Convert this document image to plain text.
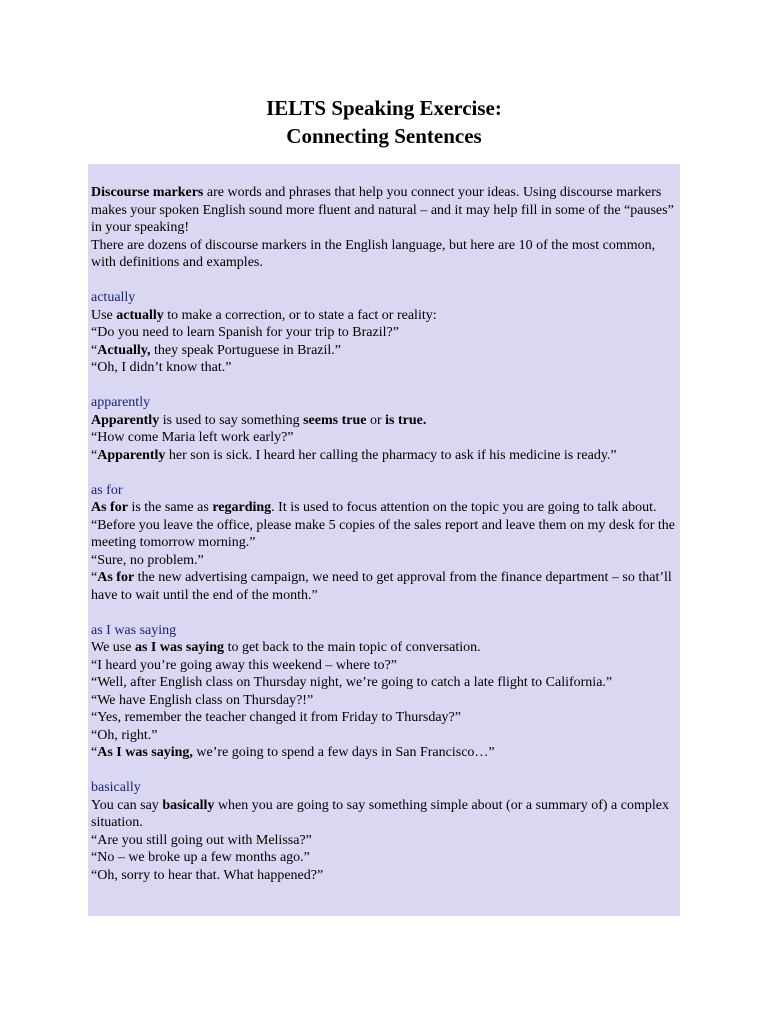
IELTS Speaking Exercise:
Connecting Sentences

Discourse markers are words and phrases that help you connect your ideas. Using discourse markers makes your spoken English sound more fluent and natural – and it may help fill in some of the “pauses” in your speaking!

There are dozens of discourse markers in the English language, but here are 10 of the most common, with definitions and examples.

actually

Use actually to make a correction, or to state a fact or reality:

“Do you need to learn Spanish for your trip to Brazil?”

“Actually, they speak Portuguese in Brazil.”

“Oh, I didn’t know that.”

apparently

Apparently is used to say something seems true or is true.

“How come Maria left work early?”

“Apparently her son is sick. I heard her calling the pharmacy to ask if his medicine is ready.”

as for

As for is the same as regarding. It is used to focus attention on the topic you are going to talk about.

“Before you leave the office, please make 5 copies of the sales report and leave them on my desk for the meeting tomorrow morning.”

“Sure, no problem.”

“As for the new advertising campaign, we need to get approval from the finance department – so that’ll have to wait until the end of the month.”

as I was saying

We use as I was saying to get back to the main topic of conversation.

“I heard you’re going away this weekend – where to?”

“Well, after English class on Thursday night, we’re going to catch a late flight to California.”

“We have English class on Thursday?!”

“Yes, remember the teacher changed it from Friday to Thursday?”

“Oh, right.”

“As I was saying, we’re going to spend a few days in San Francisco…”

basically

You can say basically when you are going to say something simple about (or a summary of) a complex situation.

“Are you still going out with Melissa?”

“No – we broke up a few months ago.”

“Oh, sorry to hear that. What happened?”
